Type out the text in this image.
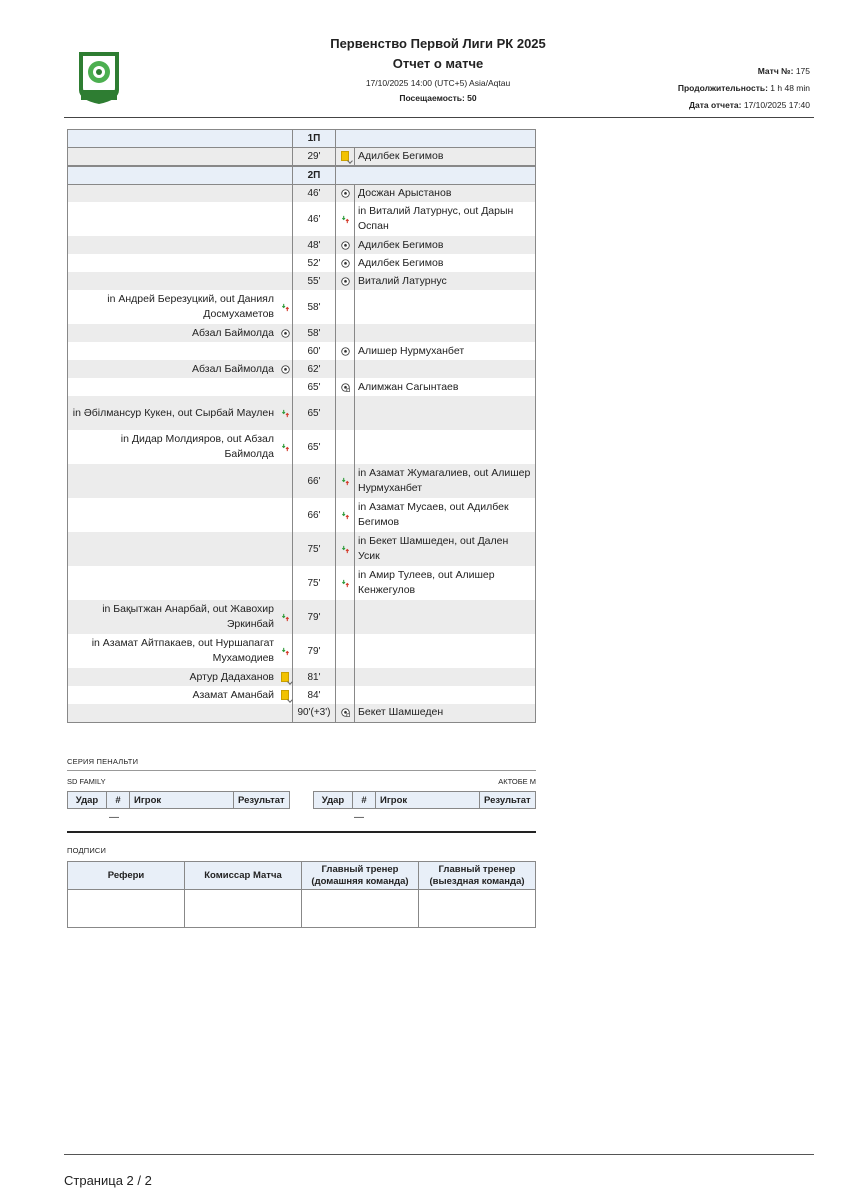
Первенство Первой Лиги РК 2025
Отчет о матче
17/10/2025 14:00 (UTC+5) Asia/Aqtau
Посещаемость: 50
Матч №: 175
Продолжительность: 1 h 48 min
Дата отчета: 17/10/2025 17:40
		1П		
		29'		Адилбек Бегимов
		2П		
		46'		Досжан Арыстанов
		46'		in Виталий Латурнус, out Дарын Оспан
		48'		Адилбек Бегимов
		52'		Адилбек Бегимов
		55'		Виталий Латурнус
in Андрей Березуцкий, out Даниял Досмухаметов		58'		
Абзал Баймолда		58'		
		60'		Алишер Нурмуханбет
Абзал Баймолда		62'		
		65'		Алимжан Сагынтаев
in Әбілмансур Кукен, out Сырбай Маулен		65'		
in Дидар Молдияров, out Абзал Баймолда		65'		
		66'		in Азамат Жумагалиев, out Алишер Нурмуханбет
		66'		in Азамат Мусаев, out Адилбек Бегимов
		75'		in Бекет Шамшеден, out Дален Усик
		75'		in Амир Тулеев, out Алишер Кенжегулов
in Бақытжан Анарбай, out Жавохир Эркинбай		79'		
in Азамат Айтпакаев, out Нуршапагат Мухамодиев		79'		
Артур Дадаханов		81'		
Азамат Аманбай		84'		
		90'(+3')		Бекет Шамшеден
СЕРИЯ ПЕНАЛЬТИ
SD FAMILY	АКТОБЕ М
Удар	#	Игрок	Результат	Удар	#	Игрок	Результат
—	—
ПОДПИСИ
Рефери	Комиссар Матча	Главный тренер (домашняя команда)	Главный тренер (выездная команда)

Страница 2 / 2
